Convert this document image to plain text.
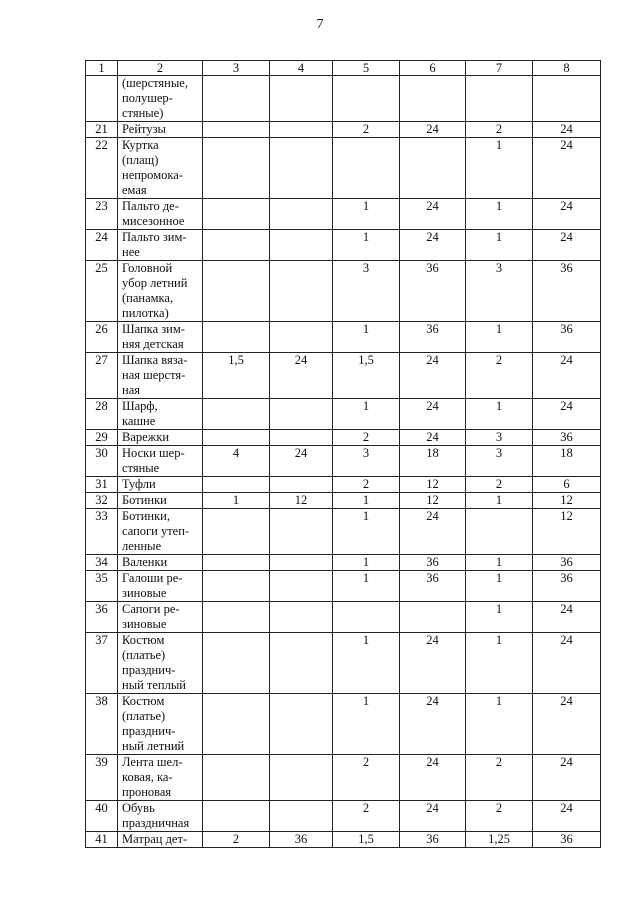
7
1	2	3	4	5	6	7	8
	(шерстяные,
полушер-
стяные)						
21	Рейтузы			2	24	2	24
22	Куртка
(плащ)
непромока-
емая					1	24
23	Пальто де-
мисезонное			1	24	1	24
24	Пальто зим-
нее			1	24	1	24
25	Головной
убор летний
(панамка,
пилотка)			3	36	3	36
26	Шапка зим-
няя детская			1	36	1	36
27	Шапка вяза-
ная шерстя-
ная	1,5	24	1,5	24	2	24
28	Шарф,
кашне			1	24	1	24
29	Варежки			2	24	3	36
30	Носки шер-
стяные	4	24	3	18	3	18
31	Туфли			2	12	2	6
32	Ботинки	1	12	1	12	1	12
33	Ботинки,
сапоги утеп-
ленные			1	24		12
34	Валенки			1	36	1	36
35	Галоши ре-
зиновые			1	36	1	36
36	Сапоги ре-
зиновые					1	24
37	Костюм
(платье)
празднич-
ный теплый			1	24	1	24
38	Костюм
(платье)
празднич-
ный летний			1	24	1	24
39	Лента шел-
ковая, ка-
проновая			2	24	2	24
40	Обувь
праздничная			2	24	2	24
41	Матрац дет-	2	36	1,5	36	1,25	36
